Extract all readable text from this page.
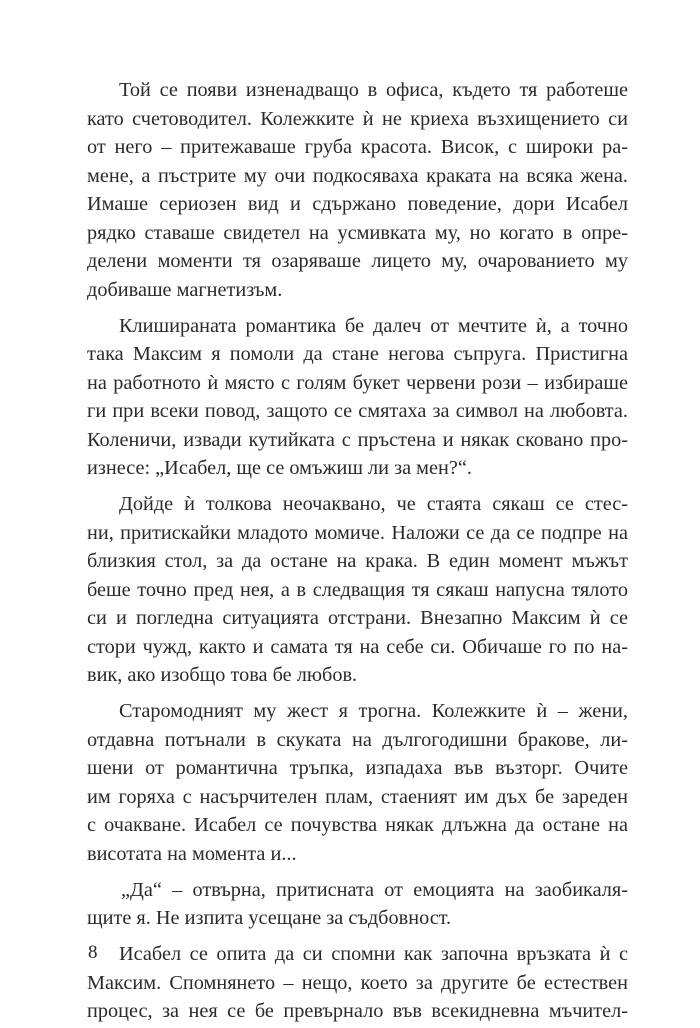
Той се появи изненадващо в офиса, където тя работеше
като счетоводител. Колежките ѝ не криеха възхищението си
от него – притежаваше груба красота. Висок, с широки ра-
мене, а пъстрите му очи подкосяваха краката на всяка жена.
Имаше сериозен вид и сдържано поведение, дори Исабел
рядко ставаше свидетел на усмивката му, но когато в опре-
делени моменти тя озаряваше лицето му, очарованието му
добиваше магнетизъм.
Клишираната романтика бе далеч от мечтите ѝ, а точно
така Максим я помоли да стане негова съпруга. Пристигна
на работното ѝ място с голям букет червени рози – избираше
ги при всеки повод, защото се смятаха за символ на любовта.
Коленичи, извади кутийката с пръстена и някак сковано про-
изнесе: „Исабел, ще се омъжиш ли за мен?“.
Дойде ѝ толкова неочаквано, че стаята сякаш се стес-
ни, притискайки младото момиче. Наложи се да се подпре на
близкия стол, за да остане на крака. В един момент мъжът
беше точно пред нея, а в следващия тя сякаш напусна тялото
си и погледна ситуацията отстрани. Внезапно Максим ѝ се
стори чужд, както и самата тя на себе си. Обичаше го по на-
вик, ако изобщо това бе любов.
Старомодният му жест я трогна. Колежките ѝ – жени,
отдавна потънали в скуката на дългогодишни бракове, ли-
шени от романтична тръпка, изпадаха във възторг. Очите
им горяха с насърчителен плам, стаеният им дъх бе зареден
с очакване. Исабел се почувства някак длъжна да остане на
висотата на момента и...
„Да“ – отвърна, притисната от емоцията на заобикаля-
щите я. Не изпита усещане за съдбовност.
Исабел се опита да си спомни как започна връзката ѝ с
Максим. Спомнянето – нещо, което за другите бе естествен
процес, за нея се бе превърнало във всекидневна мъчител-
8
